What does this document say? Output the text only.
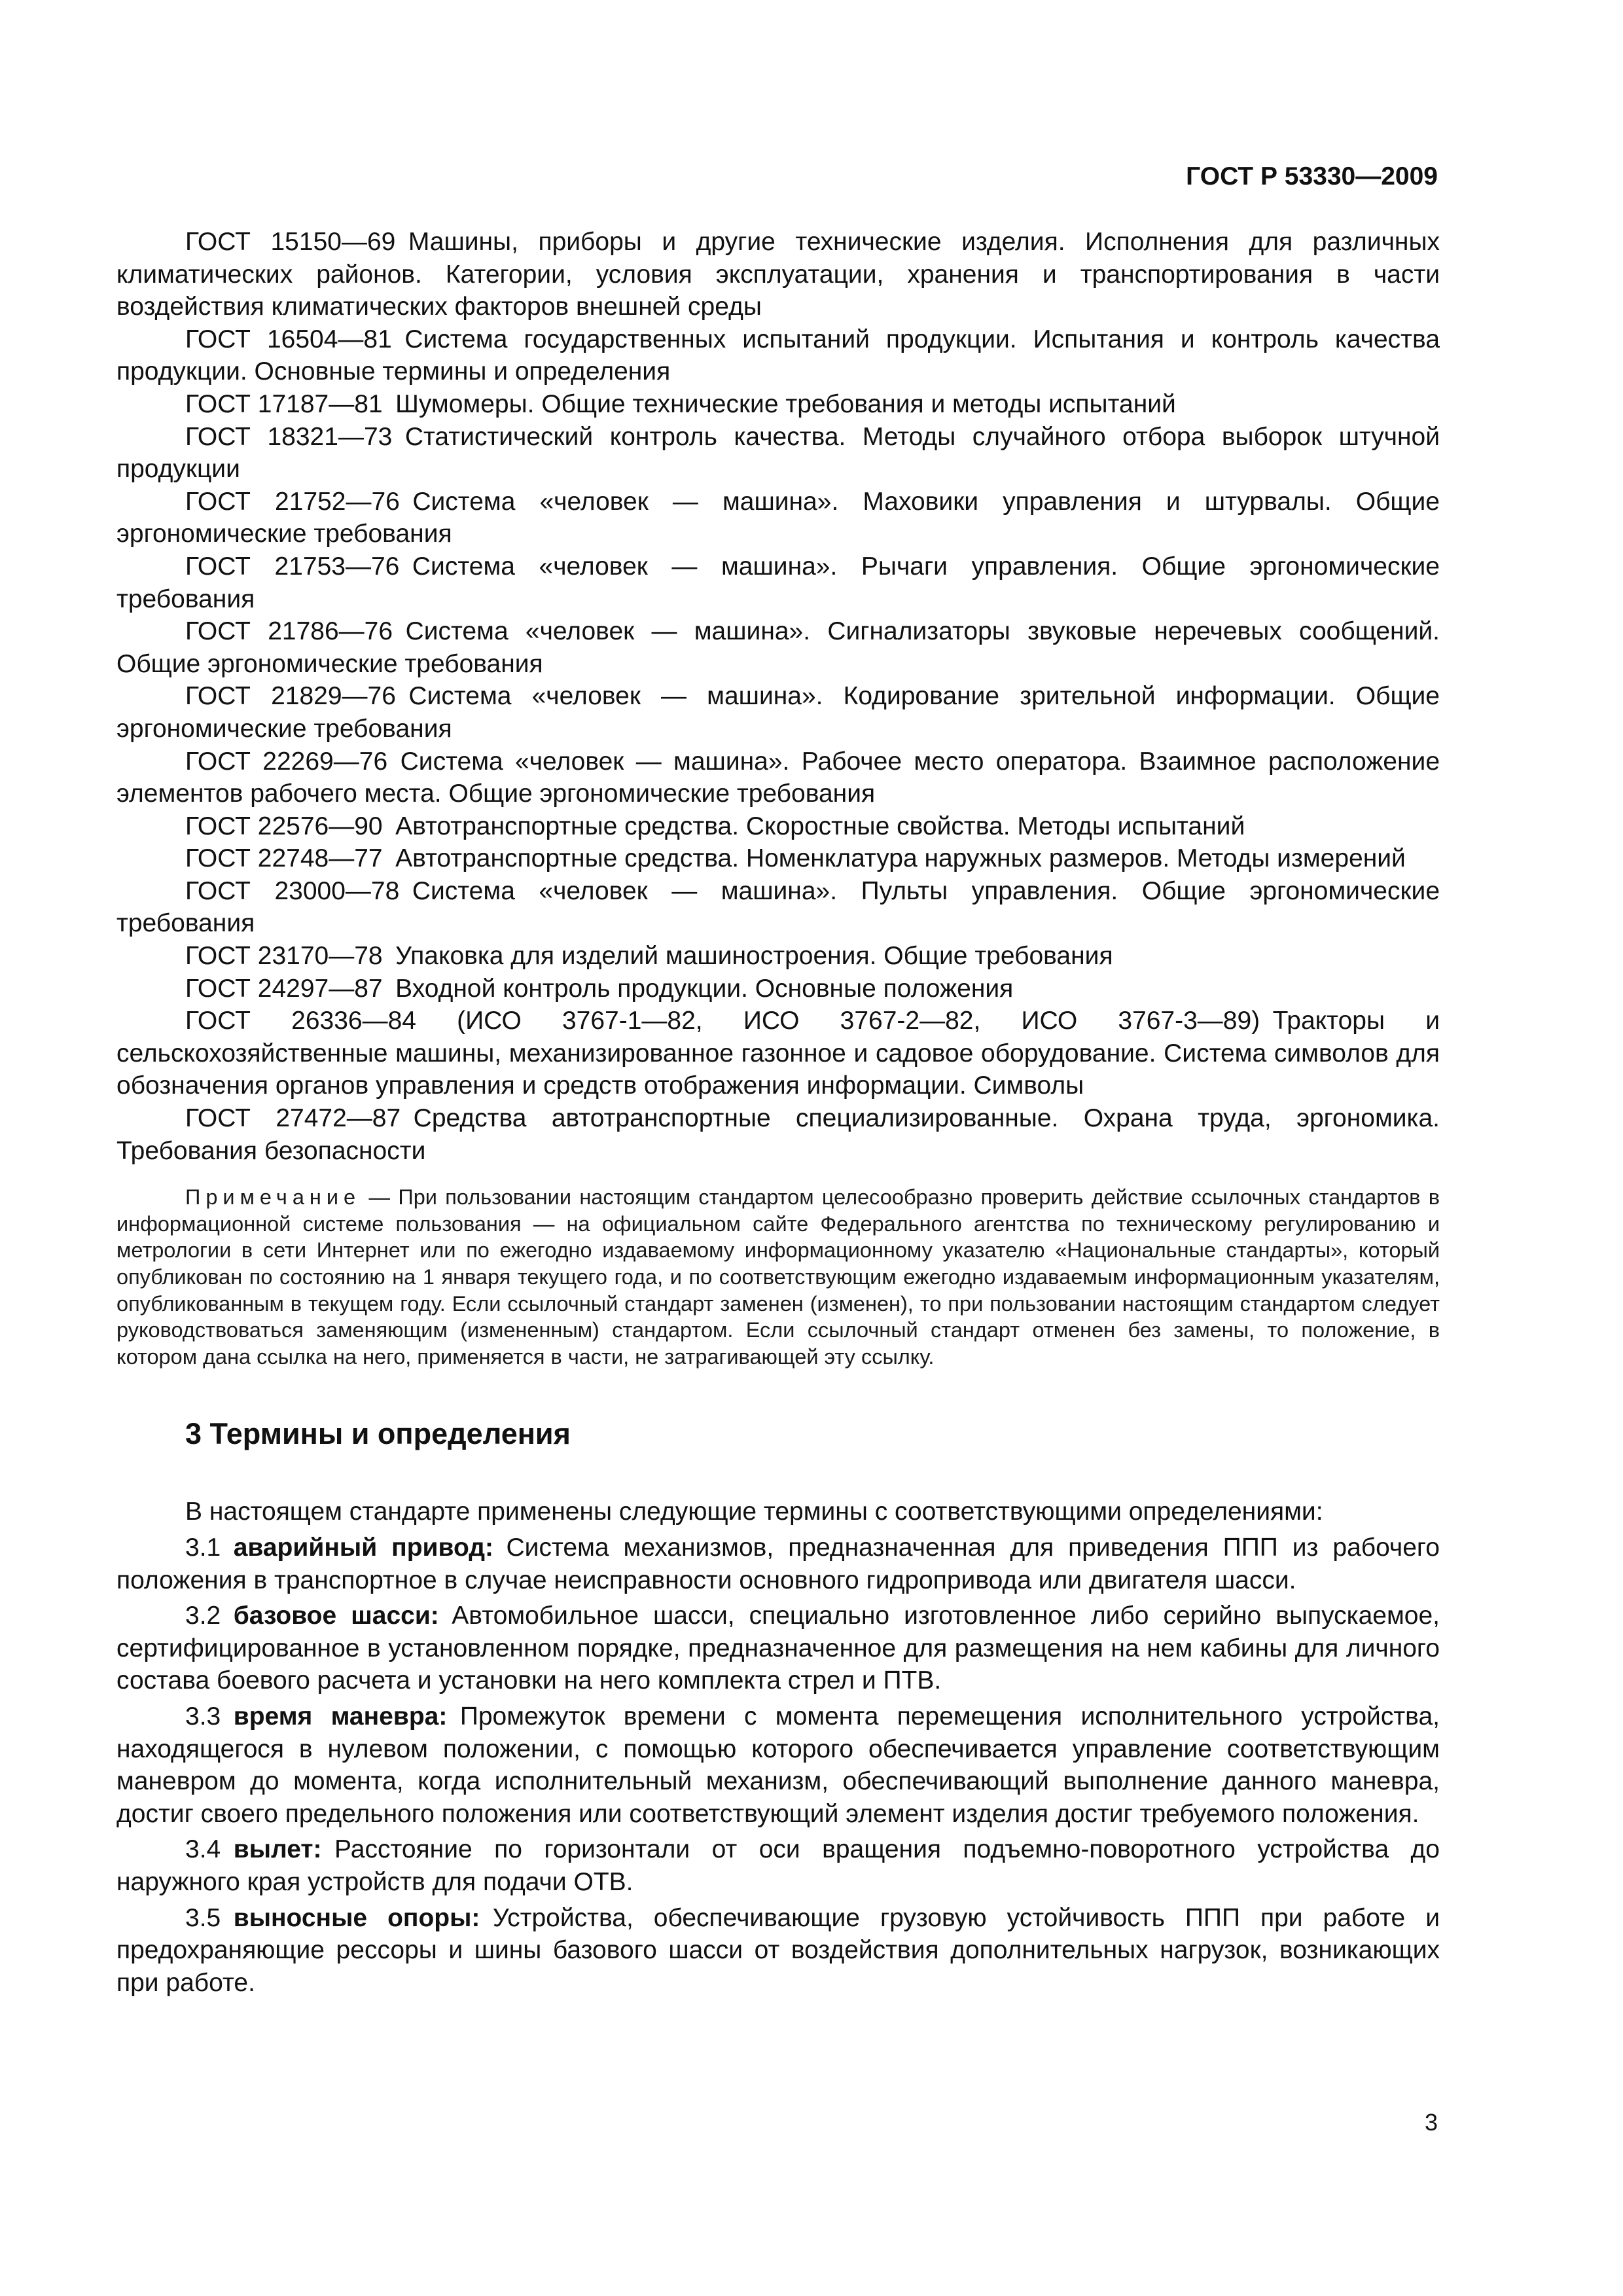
ГОСТ Р 53330—2009

ГОСТ 15150—69  Машины, приборы и другие технические изделия. Исполнения для различных климатических районов. Категории, условия эксплуатации, хранения и транспортирования в части воздействия климатических факторов внешней среды

ГОСТ 16504—81  Система государственных испытаний продукции. Испытания и контроль качества продукции. Основные термины и определения

ГОСТ 17187—81  Шумомеры. Общие технические требования и методы испытаний

ГОСТ 18321—73  Статистический контроль качества. Методы случайного отбора выборок штучной продукции

ГОСТ 21752—76  Система «человек — машина». Маховики управления и штурвалы. Общие эргономические требования

ГОСТ 21753—76  Система «человек — машина». Рычаги управления. Общие эргономические требования

ГОСТ 21786—76  Система «человек — машина». Сигнализаторы звуковые неречевых сообщений. Общие эргономические требования

ГОСТ 21829—76  Система «человек — машина». Кодирование зрительной информации. Общие эргономические требования

ГОСТ 22269—76  Система «человек — машина». Рабочее место оператора. Взаимное расположение элементов рабочего места. Общие эргономические требования

ГОСТ 22576—90  Автотранспортные средства. Скоростные свойства. Методы испытаний

ГОСТ 22748—77  Автотранспортные средства. Номенклатура наружных размеров. Методы измерений

ГОСТ 23000—78  Система «человек — машина». Пульты управления. Общие эргономические требования

ГОСТ 23170—78  Упаковка для изделий машиностроения. Общие требования

ГОСТ 24297—87  Входной контроль продукции. Основные положения

ГОСТ 26336—84 (ИСО 3767-1—82, ИСО 3767-2—82, ИСО 3767-3—89)  Тракторы и сельскохозяйственные машины, механизированное газонное и садовое оборудование. Система символов для обозначения органов управления и средств отображения информации. Символы

ГОСТ 27472—87  Средства автотранспортные специализированные. Охрана труда, эргономика. Требования безопасности

Примечание — При пользовании настоящим стандартом целесообразно проверить действие ссылочных стандартов в информационной системе пользования — на официальном сайте Федерального агентства по техническому регулированию и метрологии в сети Интернет или по ежегодно издаваемому информационному указателю «Национальные стандарты», который опубликован по состоянию на 1 января текущего года, и по соответствующим ежегодно издаваемым информационным указателям, опубликованным в текущем году. Если ссылочный стандарт заменен (изменен), то при пользовании настоящим стандартом следует руководствоваться заменяющим (измененным) стандартом. Если ссылочный стандарт отменен без замены, то положение, в котором дана ссылка на него, применяется в части, не затрагивающей эту ссылку.

3 Термины и определения

В настоящем стандарте применены следующие термины с соответствующими определениями:

3.1  аварийный привод:  Система механизмов, предназначенная для приведения ППП из рабочего положения в транспортное в случае неисправности основного гидропривода или двигателя шасси.

3.2  базовое шасси:  Автомобильное шасси, специально изготовленное либо серийно выпускаемое, сертифицированное в установленном порядке, предназначенное для размещения на нем кабины для личного состава боевого расчета и установки на него комплекта стрел и ПТВ.

3.3  время маневра:  Промежуток времени с момента перемещения исполнительного устройства, находящегося в нулевом положении, с помощью которого обеспечивается управление соответствующим маневром до момента, когда исполнительный механизм, обеспечивающий выполнение данного маневра, достиг своего предельного положения или соответствующий элемент изделия достиг требуемого положения.

3.4  вылет:  Расстояние по горизонтали от оси вращения подъемно-поворотного устройства до наружного края устройств для подачи ОТВ.

3.5  выносные опоры:  Устройства, обеспечивающие грузовую устойчивость ППП при работе и предохраняющие рессоры и шины базового шасси от воздействия дополнительных нагрузок, возникающих при работе.

3
